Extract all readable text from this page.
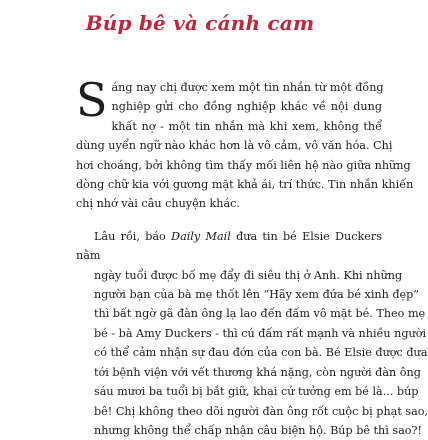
Búp bê và cánh cam

S áng nay chị được xem một tin nhắn từ một đồng
nghiệp gửi cho đồng nghiệp khác về nội dung
khất nợ - một tin nhắn mà khi xem, không thể
dùng uyển ngữ nào khác hơn là vô cảm, vô văn hóa. Chị
hơi choáng, bởi không tìm thấy mối liên hệ nào giữa những
dòng chữ kia với gương mặt khả ái, trí thức. Tin nhắn khiến
chị nhớ vài câu chuyện khác.

Lâu rồi, báo Daily Mail đưa tin bé Elsie Duckers nằm
ngày tuổi được bố mẹ đẩy đi siêu thị ở Anh. Khi những
người bạn của bà mẹ thốt lên “Hãy xem đứa bé xinh đẹp”
thì bất ngờ gã đàn ông lạ lao đến đấm vô mặt bé. Theo mẹ
bé - bà Amy Duckers - thì cú đấm rất mạnh và nhiều người
có thể cảm nhận sự đau đớn của con bà. Bé Elsie được đưa
tới bệnh viện với vết thương khá nặng, còn người đàn ông
sáu mươi ba tuổi bị bắt giữ, khai cứ tưởng em bé là... búp
bê! Chị không theo dõi người đàn ông rốt cuộc bị phạt sao,
nhưng không thể chấp nhận câu biện hộ. Búp bê thì sao?!
